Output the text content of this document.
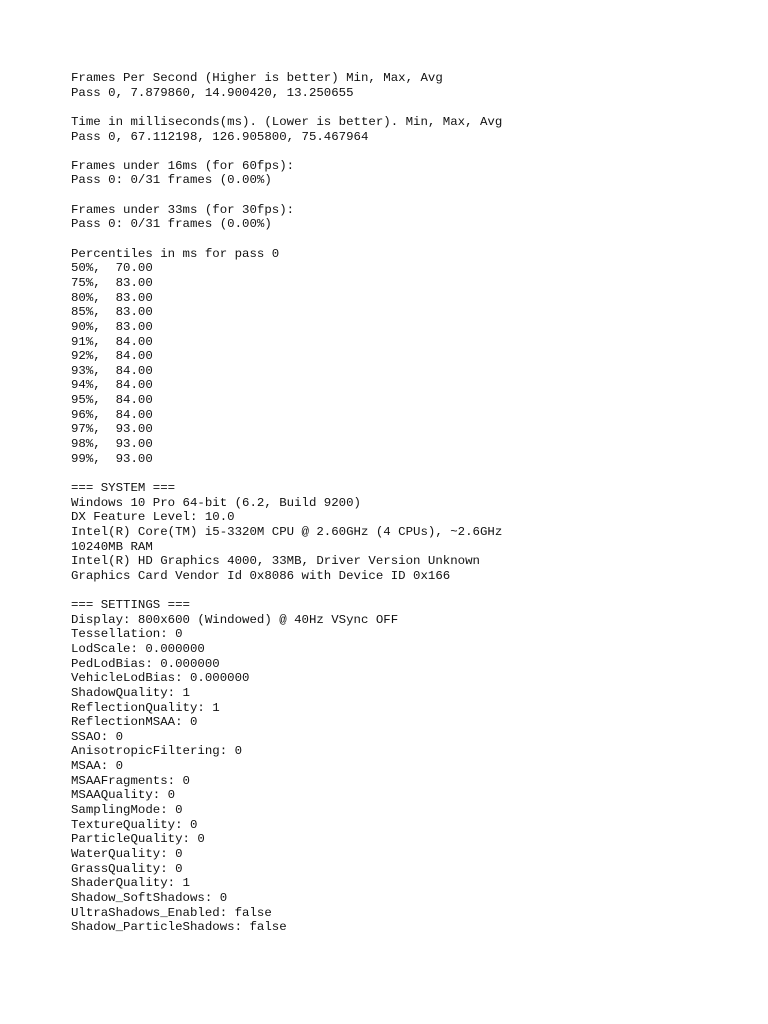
Frames Per Second (Higher is better) Min, Max, Avg
Pass 0, 7.879860, 14.900420, 13.250655
Time in milliseconds(ms). (Lower is better). Min, Max, Avg
Pass 0, 67.112198, 126.905800, 75.467964
Frames under 16ms (for 60fps):
Pass 0: 0/31 frames (0.00%)
Frames under 33ms (for 30fps):
Pass 0: 0/31 frames (0.00%)
Percentiles in ms for pass 0
50%,  70.00
75%,  83.00
80%,  83.00
85%,  83.00
90%,  83.00
91%,  84.00
92%,  84.00
93%,  84.00
94%,  84.00
95%,  84.00
96%,  84.00
97%,  93.00
98%,  93.00
99%,  93.00
=== SYSTEM ===
Windows 10 Pro 64-bit (6.2, Build 9200)
DX Feature Level: 10.0
Intel(R) Core(TM) i5-3320M CPU @ 2.60GHz (4 CPUs), ~2.6GHz
10240MB RAM
Intel(R) HD Graphics 4000, 33MB, Driver Version Unknown
Graphics Card Vendor Id 0x8086 with Device ID 0x166
=== SETTINGS ===
Display: 800x600 (Windowed) @ 40Hz VSync OFF
Tessellation: 0
LodScale: 0.000000
PedLodBias: 0.000000
VehicleLodBias: 0.000000
ShadowQuality: 1
ReflectionQuality: 1
ReflectionMSAA: 0
SSAO: 0
AnisotropicFiltering: 0
MSAA: 0
MSAAFragments: 0
MSAAQuality: 0
SamplingMode: 0
TextureQuality: 0
ParticleQuality: 0
WaterQuality: 0
GrassQuality: 0
ShaderQuality: 1
Shadow_SoftShadows: 0
UltraShadows_Enabled: false
Shadow_ParticleShadows: false
